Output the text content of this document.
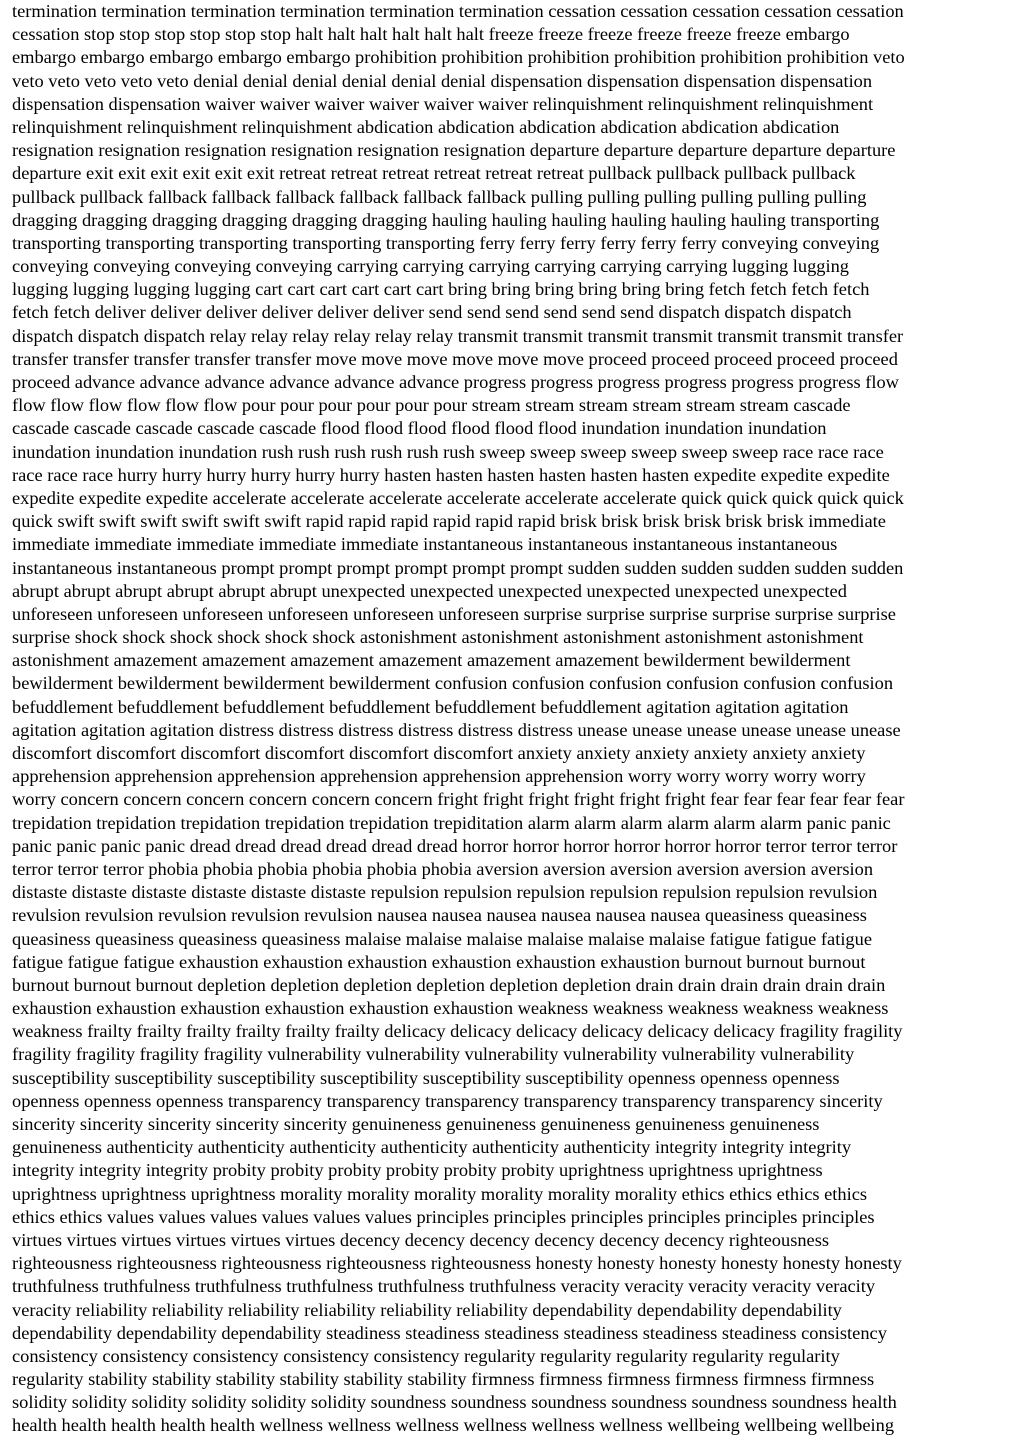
termination termination termination termination termination termination cessation cessation cessation cessation cessation
cessation stop stop stop stop stop stop halt halt halt halt halt halt freeze freeze freeze freeze freeze freeze embargo
embargo embargo embargo embargo embargo prohibition prohibition prohibition prohibition prohibition prohibition veto
veto veto veto veto veto denial denial denial denial denial denial dispensation dispensation dispensation dispensation
dispensation dispensation waiver waiver waiver waiver waiver waiver relinquishment relinquishment relinquishment
relinquishment relinquishment relinquishment abdication abdication abdication abdication abdication abdication
resignation resignation resignation resignation resignation resignation departure departure departure departure departure
departure exit exit exit exit exit exit retreat retreat retreat retreat retreat retreat pullback pullback pullback pullback
pullback pullback fallback fallback fallback fallback fallback fallback pulling pulling pulling pulling pulling pulling
dragging dragging dragging dragging dragging dragging hauling hauling hauling hauling hauling hauling transporting
transporting transporting transporting transporting transporting ferry ferry ferry ferry ferry ferry conveying conveying
conveying conveying conveying conveying carrying carrying carrying carrying carrying carrying lugging lugging
lugging lugging lugging lugging cart cart cart cart cart cart bring bring bring bring bring bring fetch fetch fetch fetch
fetch fetch deliver deliver deliver deliver deliver deliver send send send send send send dispatch dispatch dispatch
dispatch dispatch dispatch relay relay relay relay relay relay transmit transmit transmit transmit transmit transmit transfer
transfer transfer transfer transfer transfer move move move move move move proceed proceed proceed proceed proceed
proceed advance advance advance advance advance advance progress progress progress progress progress progress flow
flow flow flow flow flow flow pour pour pour pour pour pour stream stream stream stream stream stream cascade
cascade cascade cascade cascade cascade flood flood flood flood flood flood inundation inundation inundation
inundation inundation inundation rush rush rush rush rush rush sweep sweep sweep sweep sweep sweep race race race
race race race hurry hurry hurry hurry hurry hurry hasten hasten hasten hasten hasten hasten expedite expedite expedite
expedite expedite expedite accelerate accelerate accelerate accelerate accelerate accelerate quick quick quick quick quick
quick swift swift swift swift swift swift rapid rapid rapid rapid rapid rapid brisk brisk brisk brisk brisk brisk immediate
immediate immediate immediate immediate immediate instantaneous instantaneous instantaneous instantaneous
instantaneous instantaneous prompt prompt prompt prompt prompt prompt sudden sudden sudden sudden sudden sudden
abrupt abrupt abrupt abrupt abrupt abrupt unexpected unexpected unexpected unexpected unexpected unexpected
unforeseen unforeseen unforeseen unforeseen unforeseen unforeseen surprise surprise surprise surprise surprise surprise
surprise shock shock shock shock shock shock astonishment astonishment astonishment astonishment astonishment
astonishment amazement amazement amazement amazement amazement amazement bewilderment bewilderment
bewilderment bewilderment bewilderment bewilderment confusion confusion confusion confusion confusion confusion
befuddlement befuddlement befuddlement befuddlement befuddlement befuddlement agitation agitation agitation
agitation agitation agitation distress distress distress distress distress distress unease unease unease unease unease unease
discomfort discomfort discomfort discomfort discomfort discomfort anxiety anxiety anxiety anxiety anxiety anxiety
apprehension apprehension apprehension apprehension apprehension apprehension worry worry worry worry worry
worry concern concern concern concern concern concern fright fright fright fright fright fright fear fear fear fear fear fear
trepidation trepidation trepidation trepidation trepidation trepiditation alarm alarm alarm alarm alarm alarm panic panic
panic panic panic panic dread dread dread dread dread dread horror horror horror horror horror horror terror terror terror
terror terror terror phobia phobia phobia phobia phobia phobia aversion aversion aversion aversion aversion aversion
distaste distaste distaste distaste distaste distaste repulsion repulsion repulsion repulsion repulsion repulsion revulsion
revulsion revulsion revulsion revulsion revulsion nausea nausea nausea nausea nausea nausea queasiness queasiness
queasiness queasiness queasiness queasiness malaise malaise malaise malaise malaise malaise fatigue fatigue fatigue
fatigue fatigue fatigue exhaustion exhaustion exhaustion exhaustion exhaustion exhaustion burnout burnout burnout
burnout burnout burnout depletion depletion depletion depletion depletion depletion drain drain drain drain drain drain
exhaustion exhaustion exhaustion exhaustion exhaustion exhaustion weakness weakness weakness weakness weakness
weakness frailty frailty frailty frailty frailty frailty delicacy delicacy delicacy delicacy delicacy delicacy fragility fragility
fragility fragility fragility fragility vulnerability vulnerability vulnerability vulnerability vulnerability vulnerability
susceptibility susceptibility susceptibility susceptibility susceptibility susceptibility openness openness openness
openness openness openness transparency transparency transparency transparency transparency transparency sincerity
sincerity sincerity sincerity sincerity sincerity genuineness genuineness genuineness genuineness genuineness
genuineness authenticity authenticity authenticity authenticity authenticity authenticity integrity integrity integrity
integrity integrity integrity probity probity probity probity probity probity uprightness uprightness uprightness
uprightness uprightness uprightness morality morality morality morality morality morality ethics ethics ethics ethics
ethics ethics values values values values values values principles principles principles principles principles principles
virtues virtues virtues virtues virtues virtues decency decency decency decency decency decency righteousness
righteousness righteousness righteousness righteousness righteousness honesty honesty honesty honesty honesty honesty
truthfulness truthfulness truthfulness truthfulness truthfulness truthfulness veracity veracity veracity veracity veracity
veracity reliability reliability reliability reliability reliability reliability dependability dependability dependability
dependability dependability dependability steadiness steadiness steadiness steadiness steadiness steadiness consistency
consistency consistency consistency consistency consistency regularity regularity regularity regularity regularity
regularity stability stability stability stability stability stability firmness firmness firmness firmness firmness firmness
solidity solidity solidity solidity solidity solidity soundness soundness soundness soundness soundness soundness health
health health health health health wellness wellness wellness wellness wellness wellness wellbeing wellbeing wellbeing
